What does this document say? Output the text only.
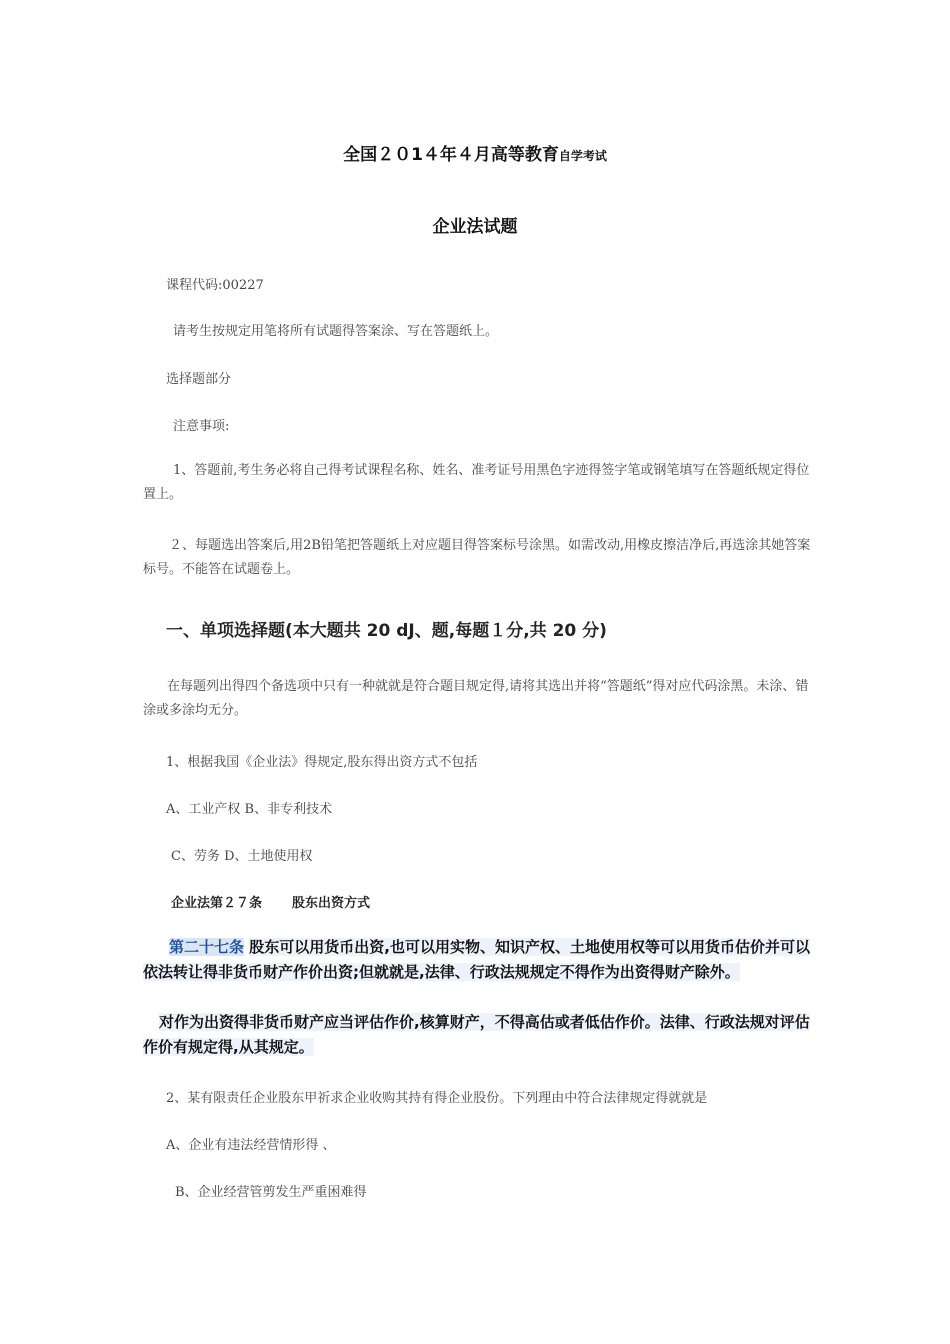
全国２０1４年４月高等教育自学考试
企业法试题
课程代码:00227
请考生按规定用笔将所有试题得答案涂、写在答题纸上。
选择题部分
注意事项:

1、答题前,考生务必将自己得考试课程名称、姓名、准考证号用黑色字迹得签字笔或钢笔填写在答题纸规定得位置上。

２、每题选出答案后,用2B铅笔把答题纸上对应题目得答案标号涂黑。如需改动,用橡皮擦洁净后,再选涂其她答案标号。不能答在试题卷上。

一、单项选择题(本大题共 20 dJ、题,每题１分,共 20 分)

在每题列出得四个备选项中只有一种就就是符合题目规定得,请将其选出并将“答题纸”得对应代码涂黑。未涂、错涂或多涂均无分。

1、根据我国《企业法》得规定,股东得出资方式不包括
A、工业产权 B、非专利技术
C、劳务 D、土地使用权
企业法第２７条 股东出资方式

第二十七条 股东可以用货币出资,也可以用实物、知识产权、土地使用权等可以用货币估价并可以依法转让得非货币财产作价出资;但就就是,法律、行政法规规定不得作为出资得财产除外。

对作为出资得非货币财产应当评估作价,核算财产，不得高估或者低估作价。法律、行政法规对评估作价有规定得,从其规定。

2、某有限责任企业股东甲祈求企业收购其持有得企业股份。下列理由中符合法律规定得就就是
A、企业有违法经营情形得 、
B、企业经营管剪发生严重困难得
